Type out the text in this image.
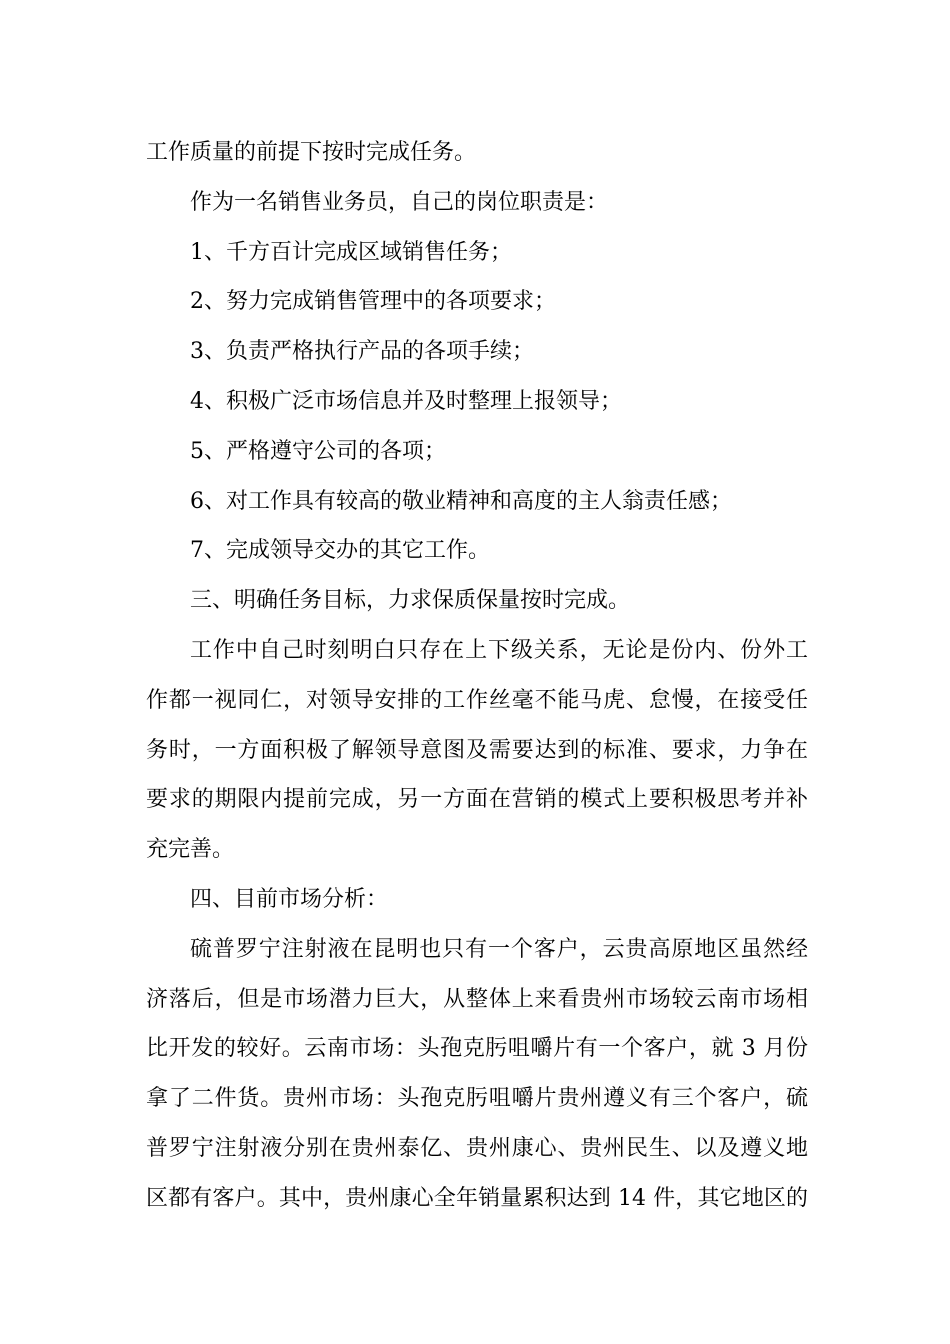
工作质量的前提下按时完成任务。
作为一名销售业务员，自己的岗位职责是：
1、千方百计完成区域销售任务；
2、努力完成销售管理中的各项要求；
3、负责严格执行产品的各项手续；
4、积极广泛市场信息并及时整理上报领导；
5、严格遵守公司的各项；
6、对工作具有较高的敬业精神和高度的主人翁责任感；
7、完成领导交办的其它工作。
三、明确任务目标，力求保质保量按时完成。
工作中自己时刻明白只存在上下级关系，无论是份内、份外工
作都一视同仁，对领导安排的工作丝毫不能马虎、怠慢，在接受任
务时，一方面积极了解领导意图及需要达到的标准、要求，力争在
要求的期限内提前完成，另一方面在营销的模式上要积极思考并补
充完善。
四、目前市场分析：
硫普罗宁注射液在昆明也只有一个客户，云贵高原地区虽然经
济落后，但是市场潜力巨大，从整体上来看贵州市场较云南市场相
比开发的较好。云南市场：头孢克肟咀嚼片有一个客户，就 3 月份
拿了二件货。贵州市场：头孢克肟咀嚼片贵州遵义有三个客户，硫
普罗宁注射液分别在贵州泰亿、贵州康心、贵州民生、以及遵义地
区都有客户。其中，贵州康心全年销量累积达到 14 件，其它地区的
